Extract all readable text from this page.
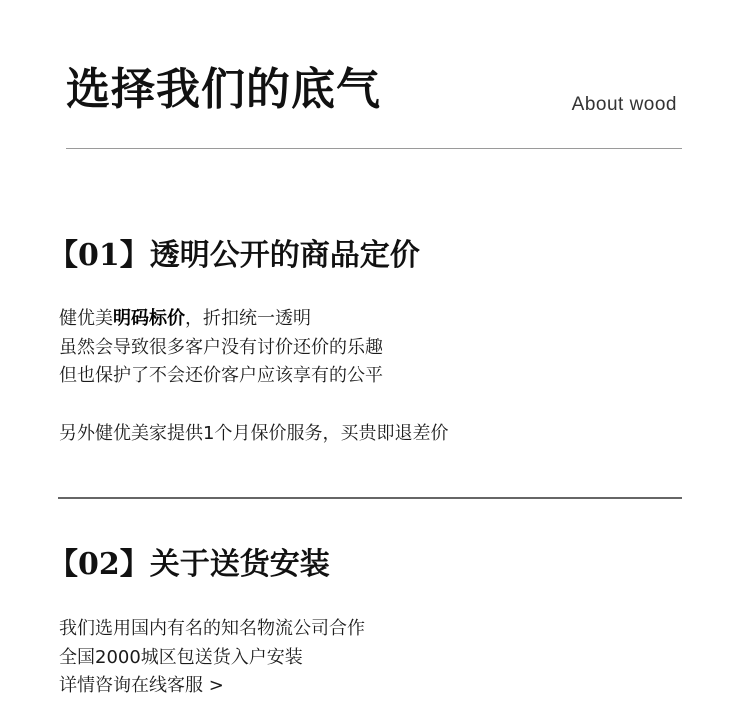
选择我们的底气	About wood
【01】透明公开的商品定价
健优美明码标价，折扣统一透明
虽然会导致很多客户没有讨价还价的乐趣
但也保护了不会还价客户应该享有的公平
另外健优美家提供1个月保价服务，买贵即退差价
【02】关于送货安装
我们选用国内有名的知名物流公司合作
全国2000城区包送货入户安装
详情咨询在线客服 >
